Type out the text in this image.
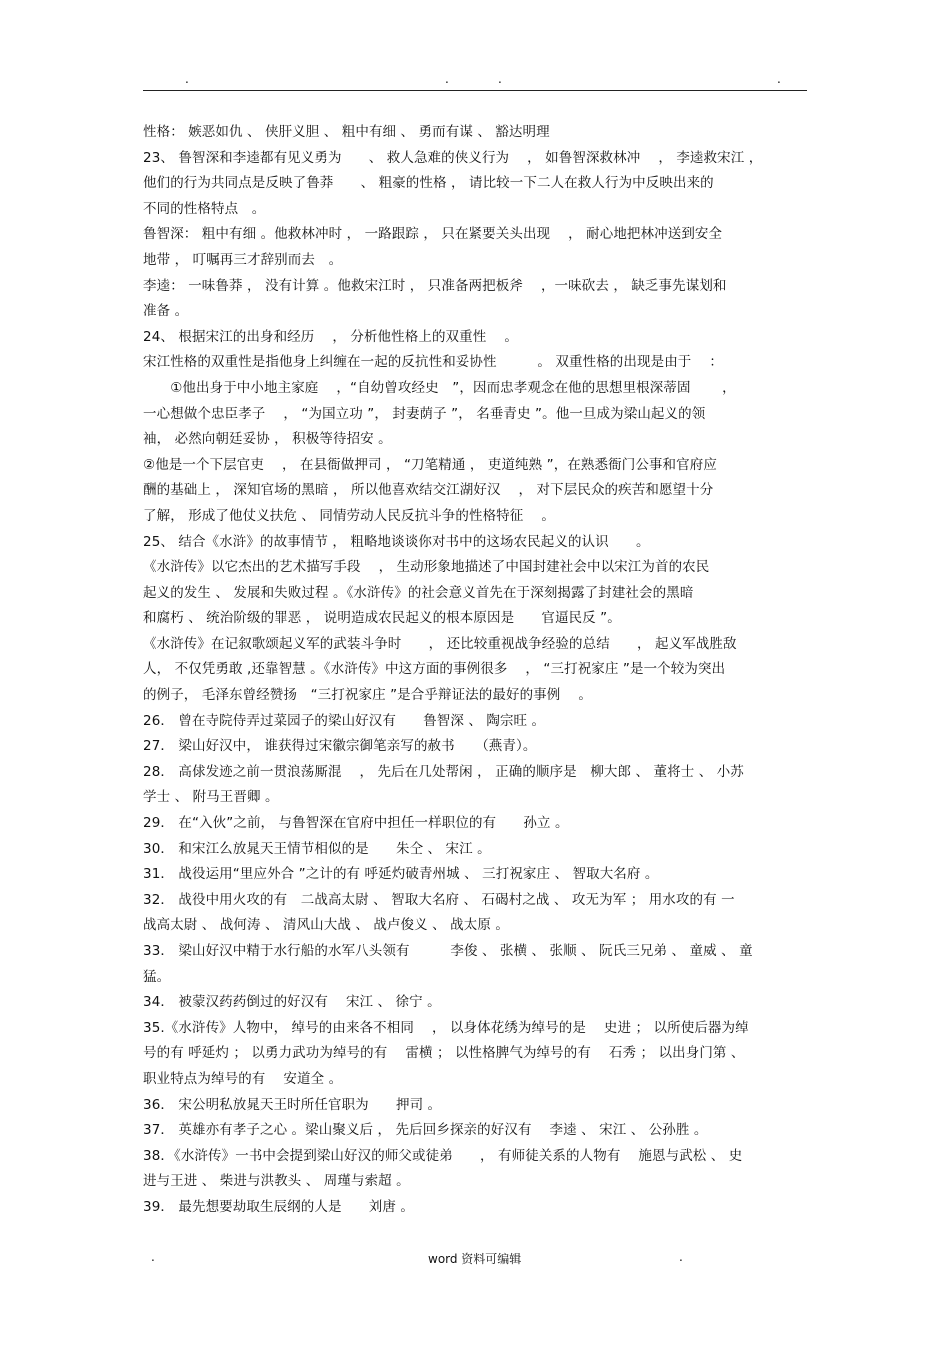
.	.	.	.
性格： 嫉恶如仇 、 侠肝义胆 、 粗中有细 、 勇而有谋 、 豁达明理
23、 鲁智深和李逵都有见义勇为　　、 救人急难的侠义行为　 ， 如鲁智深救林冲　 ， 李逵救宋江 ，
他们的行为共同点是反映了鲁莽　　、 粗豪的性格 ， 请比较一下二人在救人行为中反映出来的
不同的性格特点　。
鲁智深： 粗中有细 。他救林冲时 ， 一路跟踪 ， 只在紧要关头出现　 ， 耐心地把林冲送到安全
地带 ， 叮嘱再三才辞别而去　。
李逵： 一味鲁莽 ， 没有计算 。他救宋江时 ， 只准备两把板斧　 ，一味砍去 ， 缺乏事先谋划和
准备 。
24、 根据宋江的出身和经历　 ， 分析他性格上的双重性　 。
宋江性格的双重性是指他身上纠缠在一起的反抗性和妥协性　　　。 双重性格的出现是由于　 ：
　　①他出身于中小地主家庭　 ，“自幼曾攻经史　”，因而忠孝观念在他的思想里根深蒂固　　 ，
一心想做个忠臣孝子　 ， “为国立功 ”， 封妻荫子 ”， 名垂青史 ”。他一旦成为梁山起义的领
袖， 必然向朝廷妥协 ， 积极等待招安 。
②他是一个下层官吏　 ， 在县衙做押司 ， “刀笔精通 ， 吏道纯熟 ”，在熟悉衙门公事和官府应
酬的基础上 ， 深知官场的黑暗 ， 所以他喜欢结交江湖好汉　 ， 对下层民众的疾苦和愿望十分
了解， 形成了他仗义扶危 、 同情劳动人民反抗斗争的性格特征　 。
25、 结合《水浒》的故事情节 ， 粗略地谈谈你对书中的这场农民起义的认识　　。
《水浒传》以它杰出的艺术描写手段　 ， 生动形象地描述了中国封建社会中以宋江为首的农民
起义的发生 、 发展和失败过程 。《水浒传》的社会意义首先在于深刻揭露了封建社会的黑暗
和腐朽 、 统治阶级的罪恶 ， 说明造成农民起义的根本原因是　　官逼民反 ”。
《水浒传》在记叙歌颂起义军的武装斗争时　　， 还比较重视战争经验的总结　　， 起义军战胜敌
人， 不仅凭勇敢 ,还靠智慧 。《水浒传》中这方面的事例很多　 ， “三打祝家庄 ”是一个较为突出
的例子， 毛泽东曾经赞扬　“三打祝家庄 ”是合乎辩证法的最好的事例　 。
26． 曾在寺院侍弄过菜园子的梁山好汉有　　鲁智深 、 陶宗旺 。
27． 梁山好汉中， 谁获得过宋徽宗御笔亲写的赦书　　（燕青）。
28． 高俅发迹之前一贯浪荡厮混　 ， 先后在几处帮闲 ， 正确的顺序是　柳大郎 、 董将士 、 小苏
学士 、 附马王晋卿 。
29． 在“入伙”之前， 与鲁智深在官府中担任一样职位的有　　孙立 。
30． 和宋江么放晁天王情节相似的是　　朱仝 、 宋江 。
31． 战役运用“里应外合 ”之计的有 呼延灼破青州城 、 三打祝家庄 、 智取大名府 。
32． 战役中用火攻的有　二战高太尉 、 智取大名府 、 石碣村之战 、 攻无为军 ； 用水攻的有 一
战高太尉 、 战何涛 、 清风山大战 、 战卢俊义 、 战太原 。
33． 梁山好汉中精于水行船的水军八头领有　　　李俊 、 张横 、 张顺 、 阮氏三兄弟 、 童威 、 童
猛。
34． 被蒙汉药药倒过的好汉有　 宋江 、 徐宁 。
35.《水浒传》人物中， 绰号的由来各不相同　 ， 以身体花绣为绰号的是　 史进 ； 以所使后器为绰
号的有 呼延灼 ； 以勇力武功为绰号的有　 雷横 ； 以性格脾气为绰号的有　 石秀 ； 以出身门第 、
职业特点为绰号的有　 安道全 。
36． 宋公明私放晁天王时所任官职为　　押司 。
37． 英雄亦有孝子之心 。梁山聚义后 ， 先后回乡探亲的好汉有　 李逵 、 宋江 、 公孙胜 。
38．《水浒传》一书中会提到梁山好汉的师父或徒弟　　， 有师徒关系的人物有　 施恩与武松 、 史
进与王进 、 柴进与洪教头 、 周瑾与索超 。
39． 最先想要劫取生辰纲的人是　　刘唐 。
.	word 资料可编辑	.
